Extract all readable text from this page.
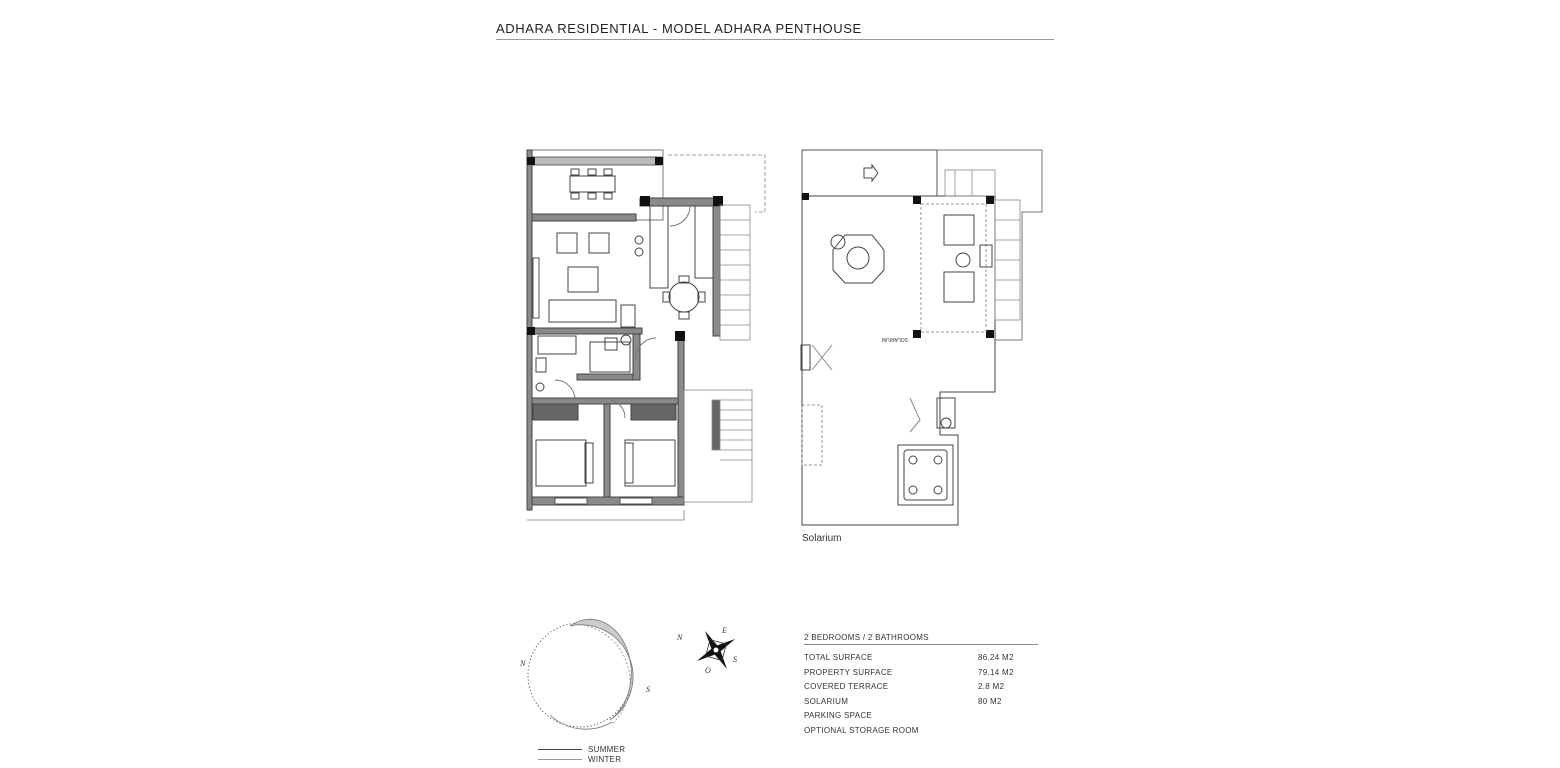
ADHARA RESIDENTIAL - MODEL ADHARA PENTHOUSE
SOLARIUM
N
S
N
E
S
O
Solarium
2 BEDROOMS / 2 BATHROOMS
TOTAL SURFACE	86.24 M2
PROPERTY SURFACE	79.14 M2
COVERED TERRACE	2.8 M2
SOLARIUM	80 M2
PARKING SPACE
OPTIONAL STORAGE ROOM
SUMMER
WINTER
